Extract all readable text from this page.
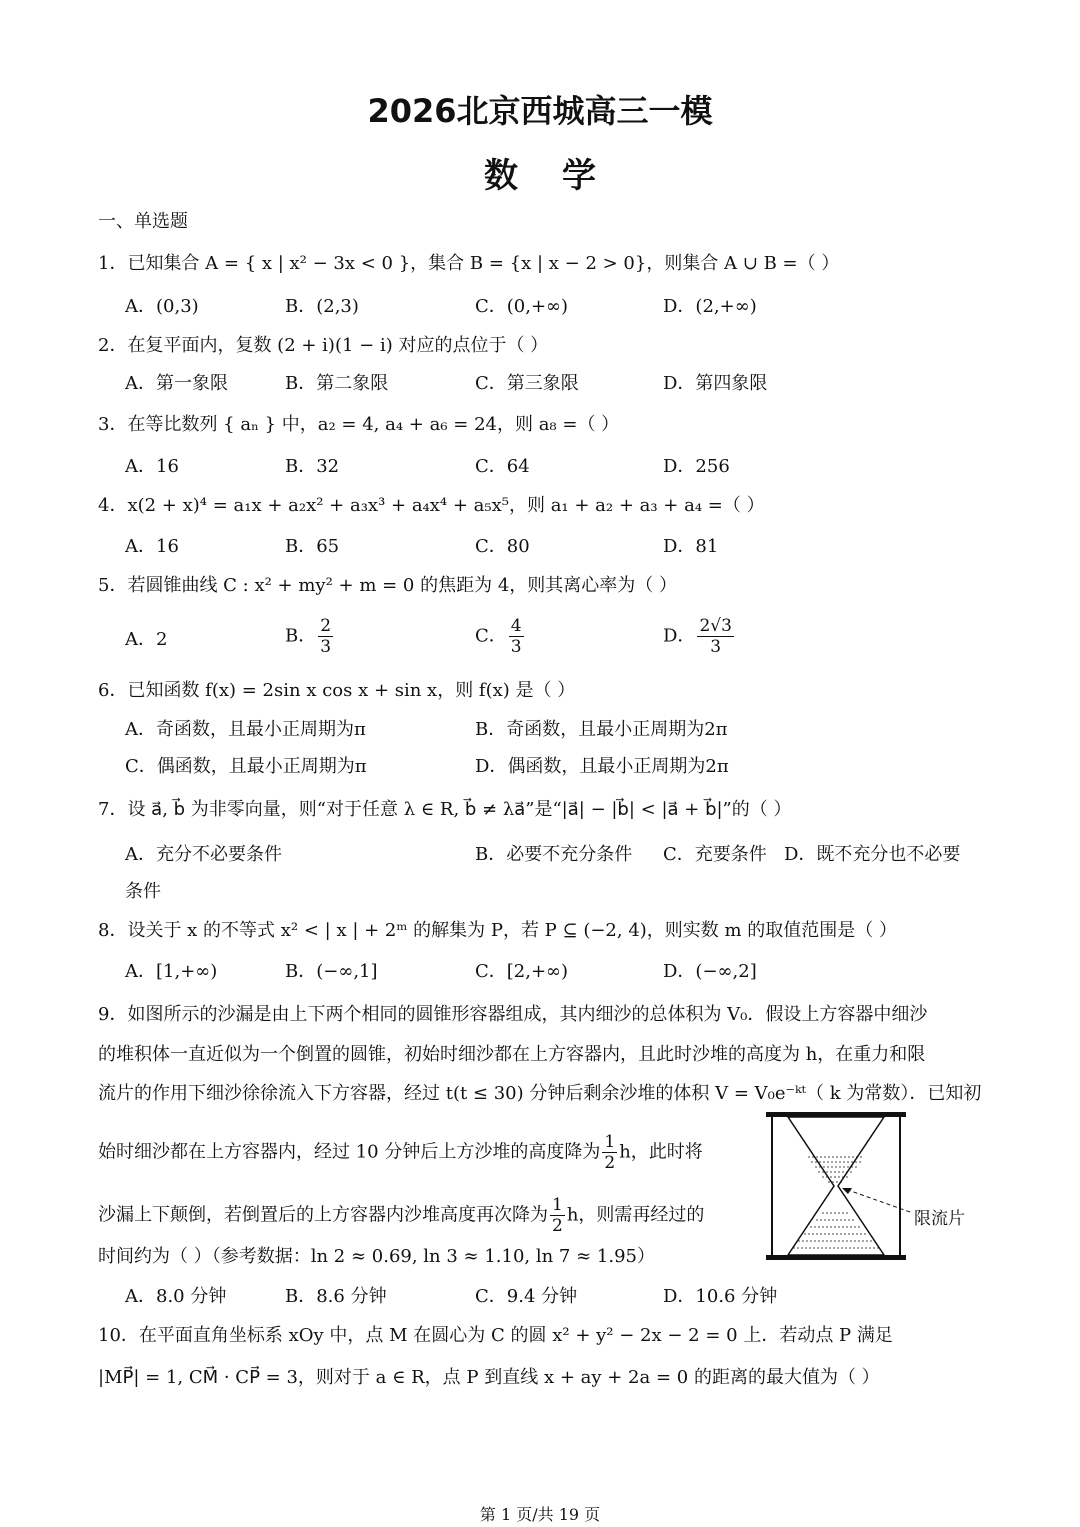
2026北京西城高三一模
数学
一、单选题
1．已知集合 A = { x | x² − 3x < 0 }，集合 B = {x | x − 2 > 0}，则集合 A ∪ B =（ ）
A．(0,3)	B．(2,3)	C．(0,+∞)	D．(2,+∞)
2．在复平面内，复数 (2 + i)(1 − i) 对应的点位于（ ）
A．第一象限	B．第二象限	C．第三象限	D．第四象限
3．在等比数列 { aₙ } 中，a₂ = 4, a₄ + a₆ = 24，则 a₈ =（ ）
A．16	B．32	C．64	D．256
4．x(2 + x)⁴ = a₁x + a₂x² + a₃x³ + a₄x⁴ + a₅x⁵，则 a₁ + a₂ + a₃ + a₄ =（ ）
A．16	B．65	C．80	D．81
5．若圆锥曲线 C : x² + my² + m = 0 的焦距为 4，则其离心率为（ ）
A．2	B． $\frac{2}{3}$	C． $\frac{4}{3}$	D． $\frac{2√3}{3}$
6．已知函数 f(x) = 2sin x cos x + sin x，则 f(x) 是（ ）
A．奇函数，且最小正周期为π	B．奇函数，且最小正周期为2π
C．偶函数，且最小正周期为π	D．偶函数，且最小正周期为2π
7．设 a⃗, b⃗ 为非零向量，则“对于任意 λ ∈ R, b⃗ ≠ λa⃗”是“|a⃗| − |b⃗| < |a⃗ + b⃗|”的（ ）
A．充分不必要条件	B．必要不充分条件 C．充要条件 D．既不充分也不必要
条件
8．设关于 x 的不等式 x² < | x | + 2ᵐ 的解集为 P，若 P ⊆ (−2, 4)，则实数 m 的取值范围是（ ）
A．[1,+∞)	B．(−∞,1]	C．[2,+∞)	D．(−∞,2]
9．如图所示的沙漏是由上下两个相同的圆锥形容器组成，其内细沙的总体积为 V₀．假设上方容器中细沙
的堆积体一直近似为一个倒置的圆锥，初始时细沙都在上方容器内，且此时沙堆的高度为 h，在重力和限
流片的作用下细沙徐徐流入下方容器，经过 t(t ≤ 30) 分钟后剩余沙堆的体积 V = V₀e⁻ᵏᵗ（ k 为常数）．已知初
始时细沙都在上方容器内，经过 10 分钟后上方沙堆的高度降为 $\frac{1}{2}$ h，此时将
沙漏上下颠倒，若倒置后的上方容器内沙堆高度再次降为 $\frac{1}{2}$ h，则需再经过的
时间约为（ ）（参考数据：ln 2 ≈ 0.69, ln 3 ≈ 1.10, ln 7 ≈ 1.95）
限流片
A．8.0 分钟	B．8.6 分钟	C．9.4 分钟	D．10.6 分钟
10．在平面直角坐标系 xOy 中，点 M 在圆心为 C 的圆 x² + y² − 2x − 2 = 0 上．若动点 P 满足
|MP⃗| = 1, CM⃗ · CP⃗ = 3，则对于 a ∈ R，点 P 到直线 x + ay + 2a = 0 的距离的最大值为（ ）
第 1 页/共 19 页
